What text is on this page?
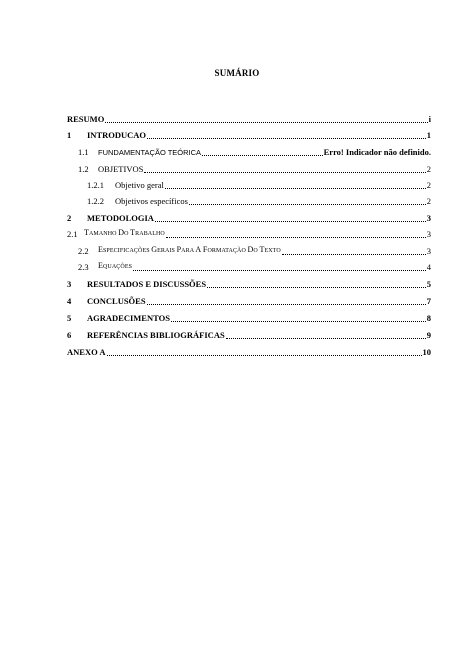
SUMÁRIO
RESUMO	i
1	INTRODUCAO	1
1.1	FUNDAMENTAÇÃO TEÓRICA	Erro! Indicador não definido.
1.2	OBJETIVOS	2
1.2.1	Objetivo geral	2
1.2.2	Objetivos específicos	2
2	METODOLOGIA	3
2.1 TAMANHO DO TRABALHO	3
2.2	ESPECIFICAÇÕES GERAIS PARA A FORMATAÇÃO DO TEXTO	3
2.3	EQUAÇÕES	4
3	RESULTADOS E DISCUSSÕES	5
4	CONCLUSÕES	7
5	AGRADECIMENTOS	8
6	REFERÊNCIAS BIBLIOGRÁFICAS	9
ANEXO A	10
